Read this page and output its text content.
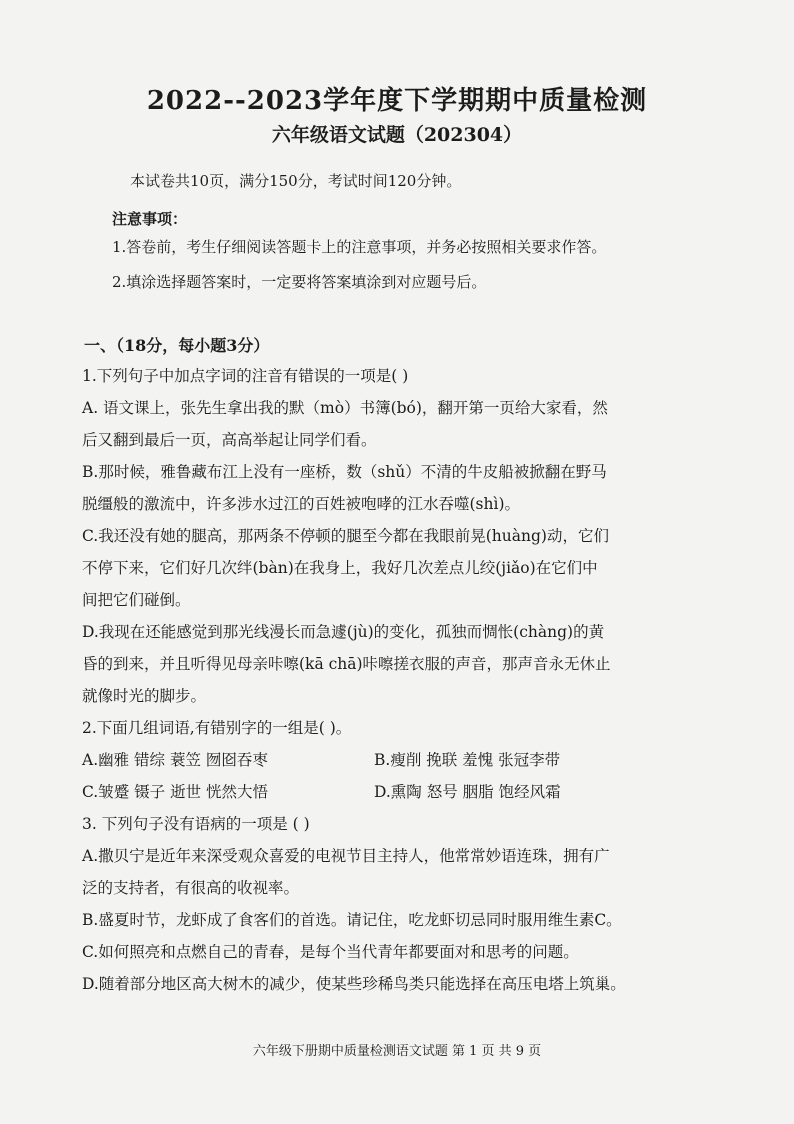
2022--2023学年度下学期期中质量检测
六年级语文试题（202304）
本试卷共10页，满分150分，考试时间120分钟。
注意事项：
1.答卷前，考生仔细阅读答题卡上的注意事项，并务必按照相关要求作答。
2.填涂选择题答案时，一定要将答案填涂到对应题号后。
一、（18分，每小题3分）
1.下列句子中加点字词的注音有错误的一项是( )
A. 语文课上，张先生拿出我的默（mò）书簿(bó)，翻开第一页给大家看，然
后又翻到最后一页，高高举起让同学们看。
B.那时候，雅鲁藏布江上没有一座桥，数（shǔ）不清的牛皮船被掀翻在野马
脱缰般的激流中，许多涉水过江的百姓被咆哮的江水吞噬(shì)。
C.我还没有她的腿高，那两条不停顿的腿至今都在我眼前晃(huàng)动，它们
不停下来，它们好几次绊(bàn)在我身上，我好几次差点儿绞(jiǎo)在它们中
间把它们碰倒。
D.我现在还能感觉到那光线漫长而急遽(jù)的变化，孤独而惆怅(chàng)的黄
昏的到来，并且听得见母亲咔嚓(kā chā)咔嚓搓衣服的声音，那声音永无休止
就像时光的脚步。
2.下面几组词语,有错别字的一组是( )。
A.幽雅 错综 蓑笠 囫囵吞枣	B.瘦削 挽联 羞愧 张冠李带
C.皱蹙 镊子 逝世 恍然大悟	D.熏陶 怒号 胭脂 饱经风霜
3. 下列句子没有语病的一项是 ( )
A.撒贝宁是近年来深受观众喜爱的电视节目主持人，他常常妙语连珠，拥有广
泛的支持者，有很高的收视率。
B.盛夏时节，龙虾成了食客们的首选。请记住，吃龙虾切忌同时服用维生素C。
C.如何照亮和点燃自己的青春，是每个当代青年都要面对和思考的问题。
D.随着部分地区高大树木的减少，使某些珍稀鸟类只能选择在高压电塔上筑巢。
六年级下册期中质量检测语文试题 第 1 页 共 9 页
